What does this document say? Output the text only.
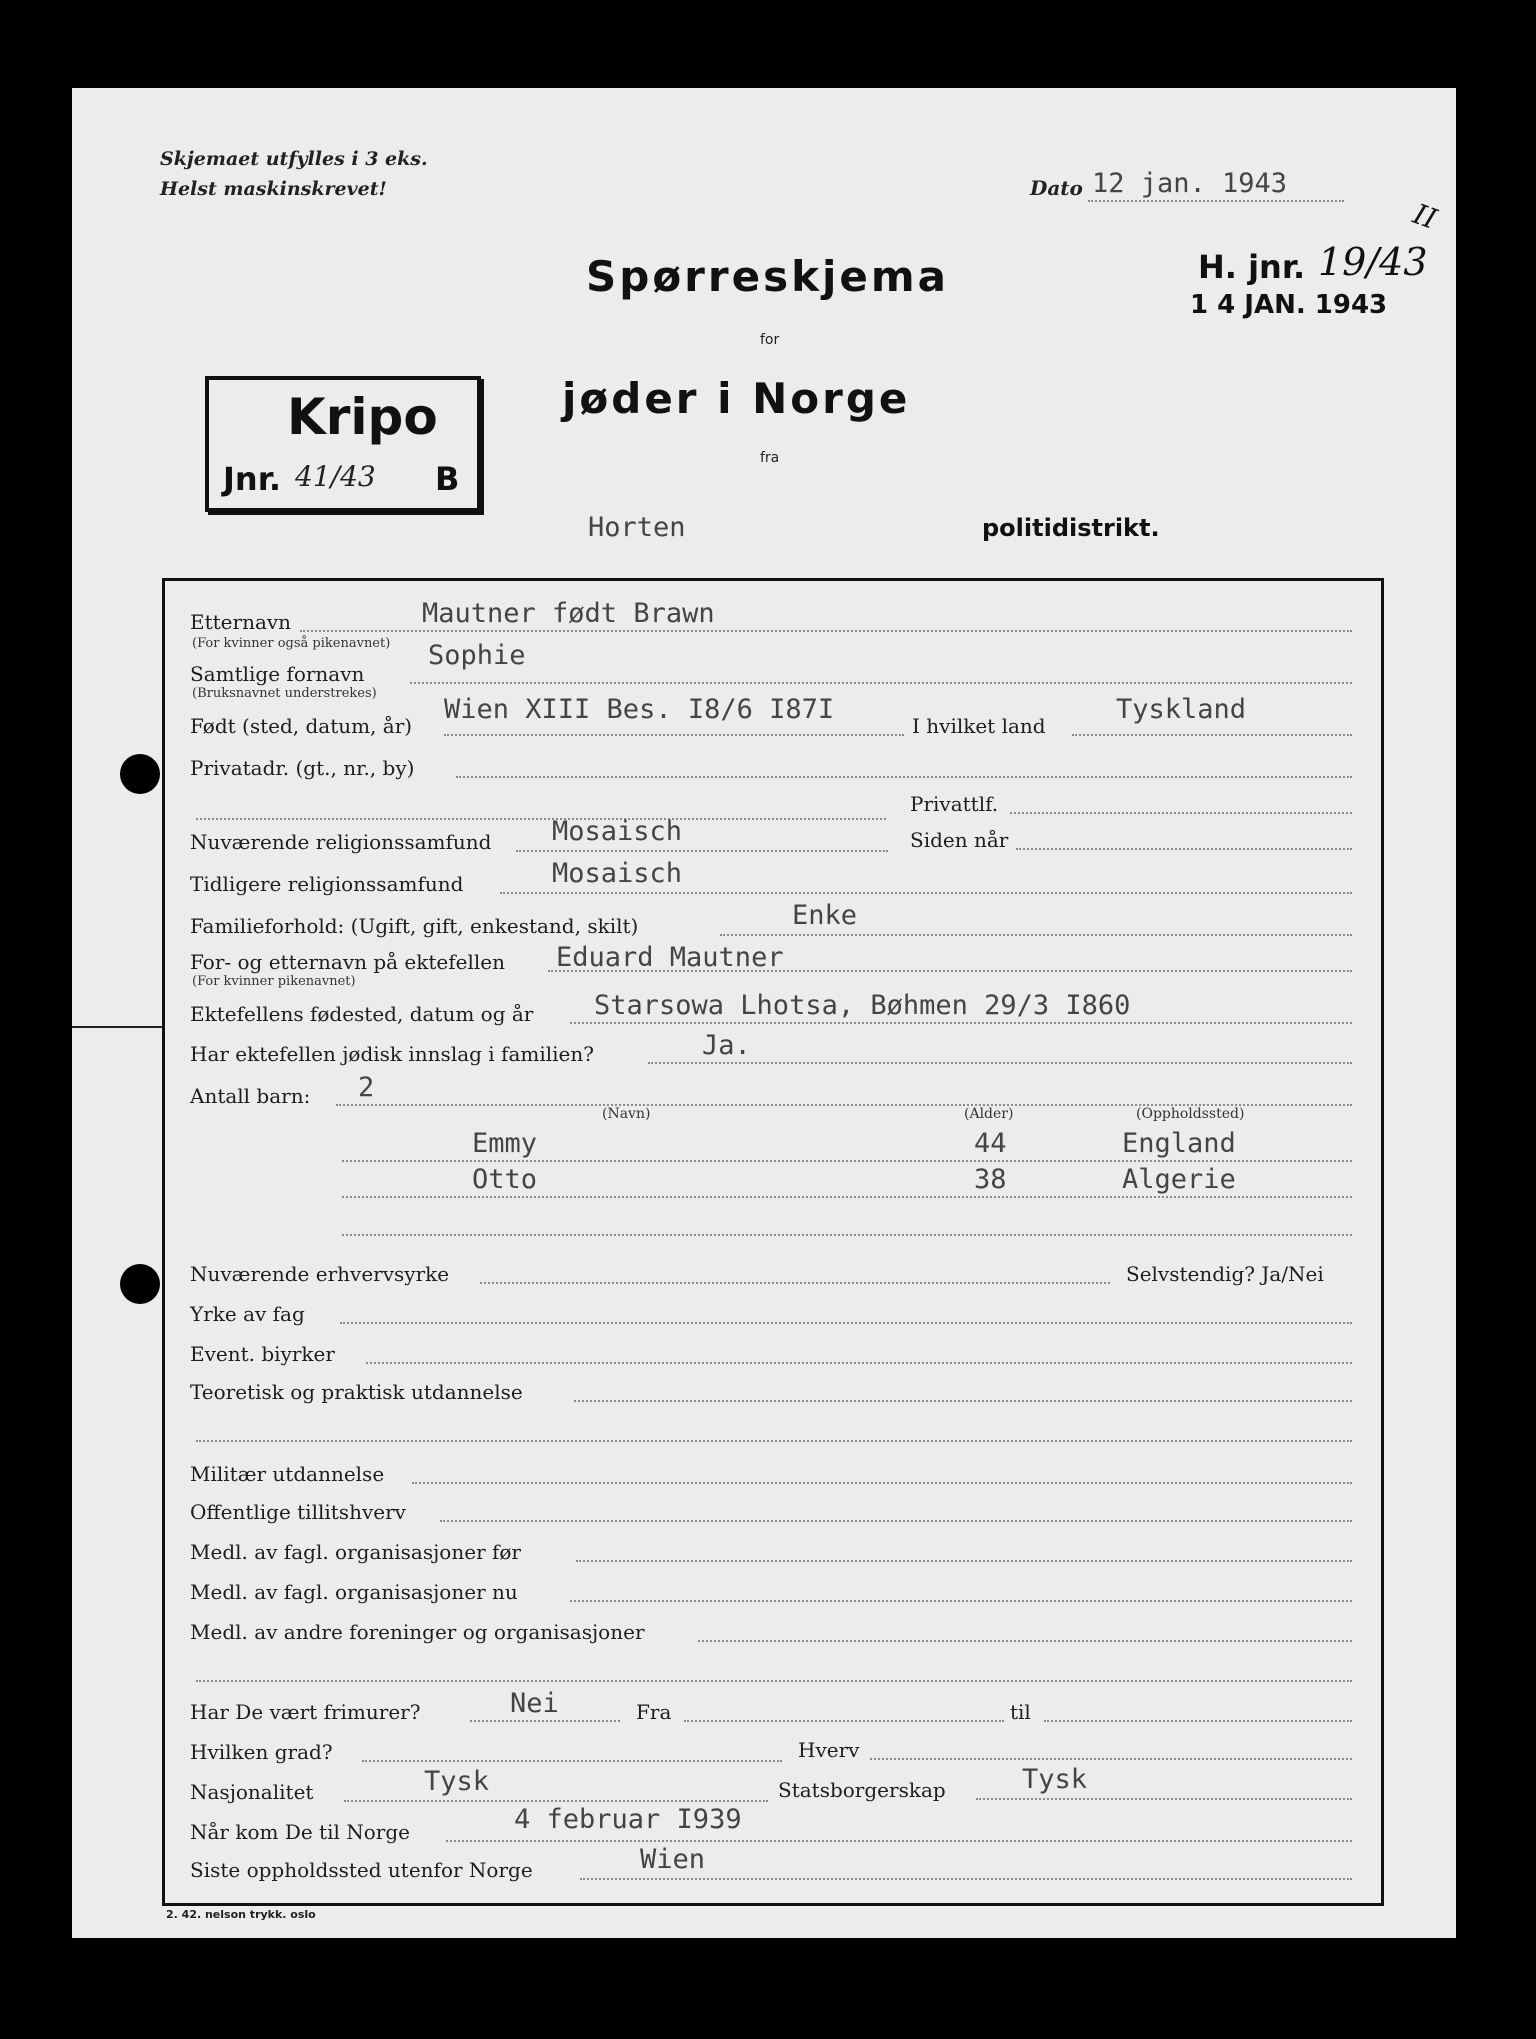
Skjemaet utfylles i 3 eks.
Helst maskinskrevet!	Dato 12 jan. 1943
H. jnr. 19/43
II
1 4 JAN. 1943
Spørreskjema
for
jøder i Norge
fra
Horten	politidistrikt.
Kripo
Jnr. 41/43 B
Etternavn
(For kvinner også pikenavnet)
Mautner født Brawn
Samtlige fornavn
(Bruksnavnet understrekes)
Sophie
Født (sted, datum, år)
Wien XIII Bes. I8/6 I87I
I hvilket land
Tyskland
Privatadr. (gt., nr., by)
Privattlf.
Nuværende religionssamfund Mosaisch	Siden når
Tidligere religionssamfund	Mosaisch
Familieforhold: (Ugift, gift, enkestand, skilt)	Enke
For- og etternavn på ektefellen
(For kvinner pikenavnet)
Eduard Mautner
Ektefellens fødested, datum og år Starsowa Lhotsa, Bøhmen 29/3 I860
Har ektefellen jødisk innslag i familien?	Ja.
Antall barn: 2
(Navn)	(Alder)	(Oppholdssted)
Emmy	44	England
Otto	38	Algerie
Nuværende erhvervsyrke	Selvstendig? Ja/Nei
Yrke av fag
Event. biyrker
Teoretisk og praktisk utdannelse
Militær utdannelse
Offentlige tillitshverv
Medl. av fagl. organisasjoner før
Medl. av fagl. organisasjoner nu
Medl. av andre foreninger og organisasjoner
Har De vært frimurer?	Nei	Fra	til
Hvilken grad?	Hverv
Nasjonalitet	Tysk	Statsborgerskap	Tysk
Når kom De til Norge	4 februar I939
Siste oppholdssted utenfor Norge	Wien
2. 42. nelson trykk. oslo
